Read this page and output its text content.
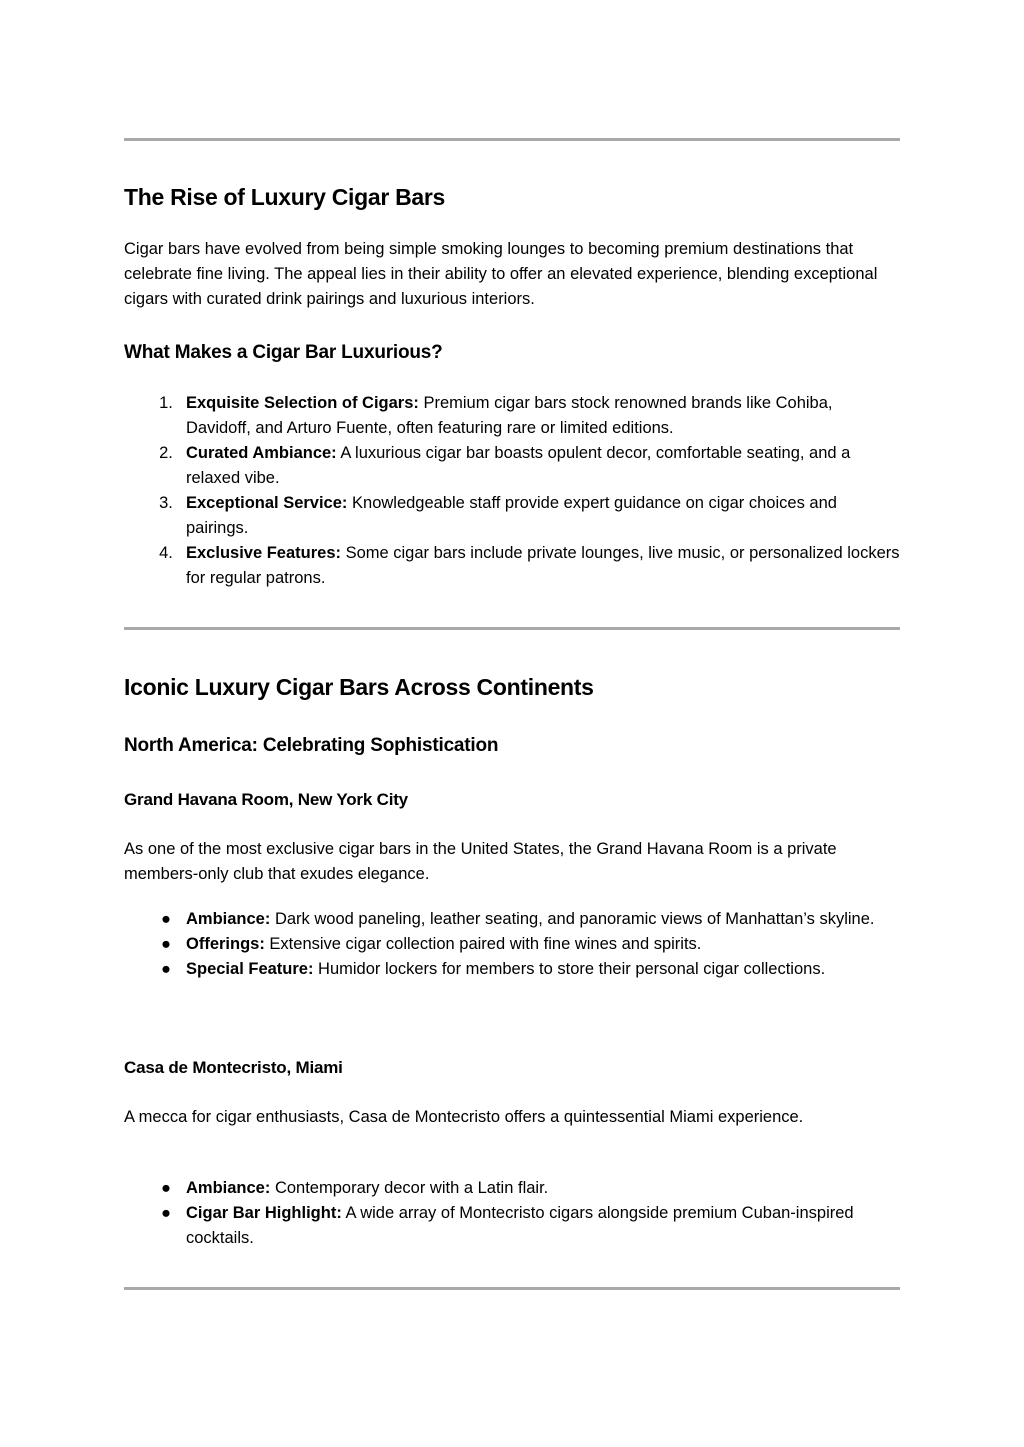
The Rise of Luxury Cigar Bars

Cigar bars have evolved from being simple smoking lounges to becoming premium destinations that celebrate fine living. The appeal lies in their ability to offer an elevated experience, blending exceptional cigars with curated drink pairings and luxurious interiors.

What Makes a Cigar Bar Luxurious?
1. Exquisite Selection of Cigars: Premium cigar bars stock renowned brands like Cohiba, Davidoff, and Arturo Fuente, often featuring rare or limited editions.
2. Curated Ambiance: A luxurious cigar bar boasts opulent decor, comfortable seating, and a relaxed vibe.
3. Exceptional Service: Knowledgeable staff provide expert guidance on cigar choices and pairings.
4. Exclusive Features: Some cigar bars include private lounges, live music, or personalized lockers for regular patrons.
Iconic Luxury Cigar Bars Across Continents
North America: Celebrating Sophistication
Grand Havana Room, New York City

As one of the most exclusive cigar bars in the United States, the Grand Havana Room is a private members-only club that exudes elegance.

● Ambiance: Dark wood paneling, leather seating, and panoramic views of Manhattan’s skyline.
● Offerings: Extensive cigar collection paired with fine wines and spirits.
● Special Feature: Humidor lockers for members to store their personal cigar collections.
Casa de Montecristo, Miami

A mecca for cigar enthusiasts, Casa de Montecristo offers a quintessential Miami experience.

● Ambiance: Contemporary decor with a Latin flair.
● Cigar Bar Highlight: A wide array of Montecristo cigars alongside premium Cuban-inspired cocktails.
